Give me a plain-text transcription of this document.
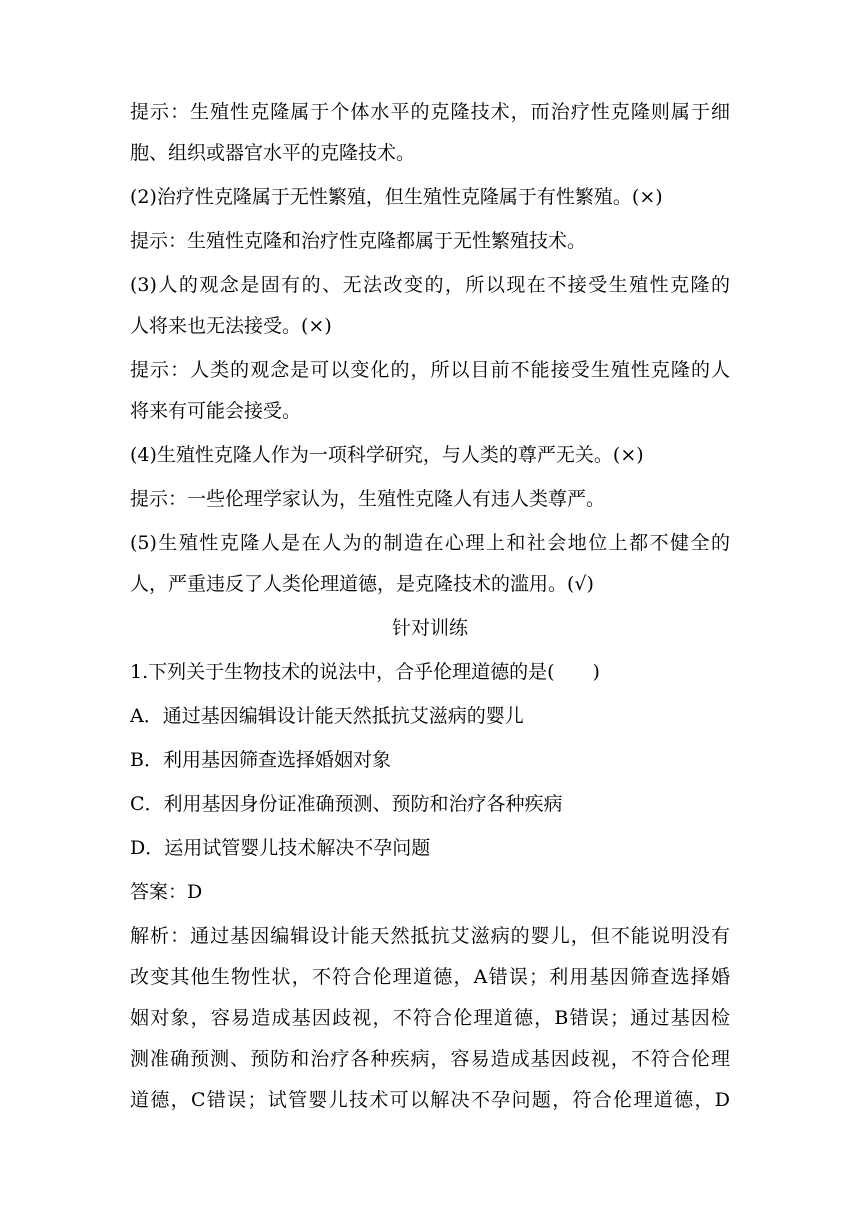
提示：生殖性克隆属于个体水平的克隆技术，而治疗性克隆则属于细
胞、组织或器官水平的克隆技术。
(2)治疗性克隆属于无性繁殖，但生殖性克隆属于有性繁殖。(×)
提示：生殖性克隆和治疗性克隆都属于无性繁殖技术。
(3)人的观念是固有的、无法改变的，所以现在不接受生殖性克隆的
人将来也无法接受。(×)
提示：人类的观念是可以变化的，所以目前不能接受生殖性克隆的人
将来有可能会接受。
(4)生殖性克隆人作为一项科学研究，与人类的尊严无关。(×)
提示：一些伦理学家认为，生殖性克隆人有违人类尊严。
(5)生殖性克隆人是在人为的制造在心理上和社会地位上都不健全的
人，严重违反了人类伦理道德，是克隆技术的滥用。(√)
针对训练
1.下列关于生物技术的说法中，合乎伦理道德的是(　　)
A．通过基因编辑设计能天然抵抗艾滋病的婴儿
B．利用基因筛查选择婚姻对象
C．利用基因身份证准确预测、预防和治疗各种疾病
D．运用试管婴儿技术解决不孕问题
答案：D
解析：通过基因编辑设计能天然抵抗艾滋病的婴儿，但不能说明没有
改变其他生物性状，不符合伦理道德，A错误；利用基因筛查选择婚
姻对象，容易造成基因歧视，不符合伦理道德，B错误；通过基因检
测准确预测、预防和治疗各种疾病，容易造成基因歧视，不符合伦理
道德，C错误；试管婴儿技术可以解决不孕问题，符合伦理道德，D
